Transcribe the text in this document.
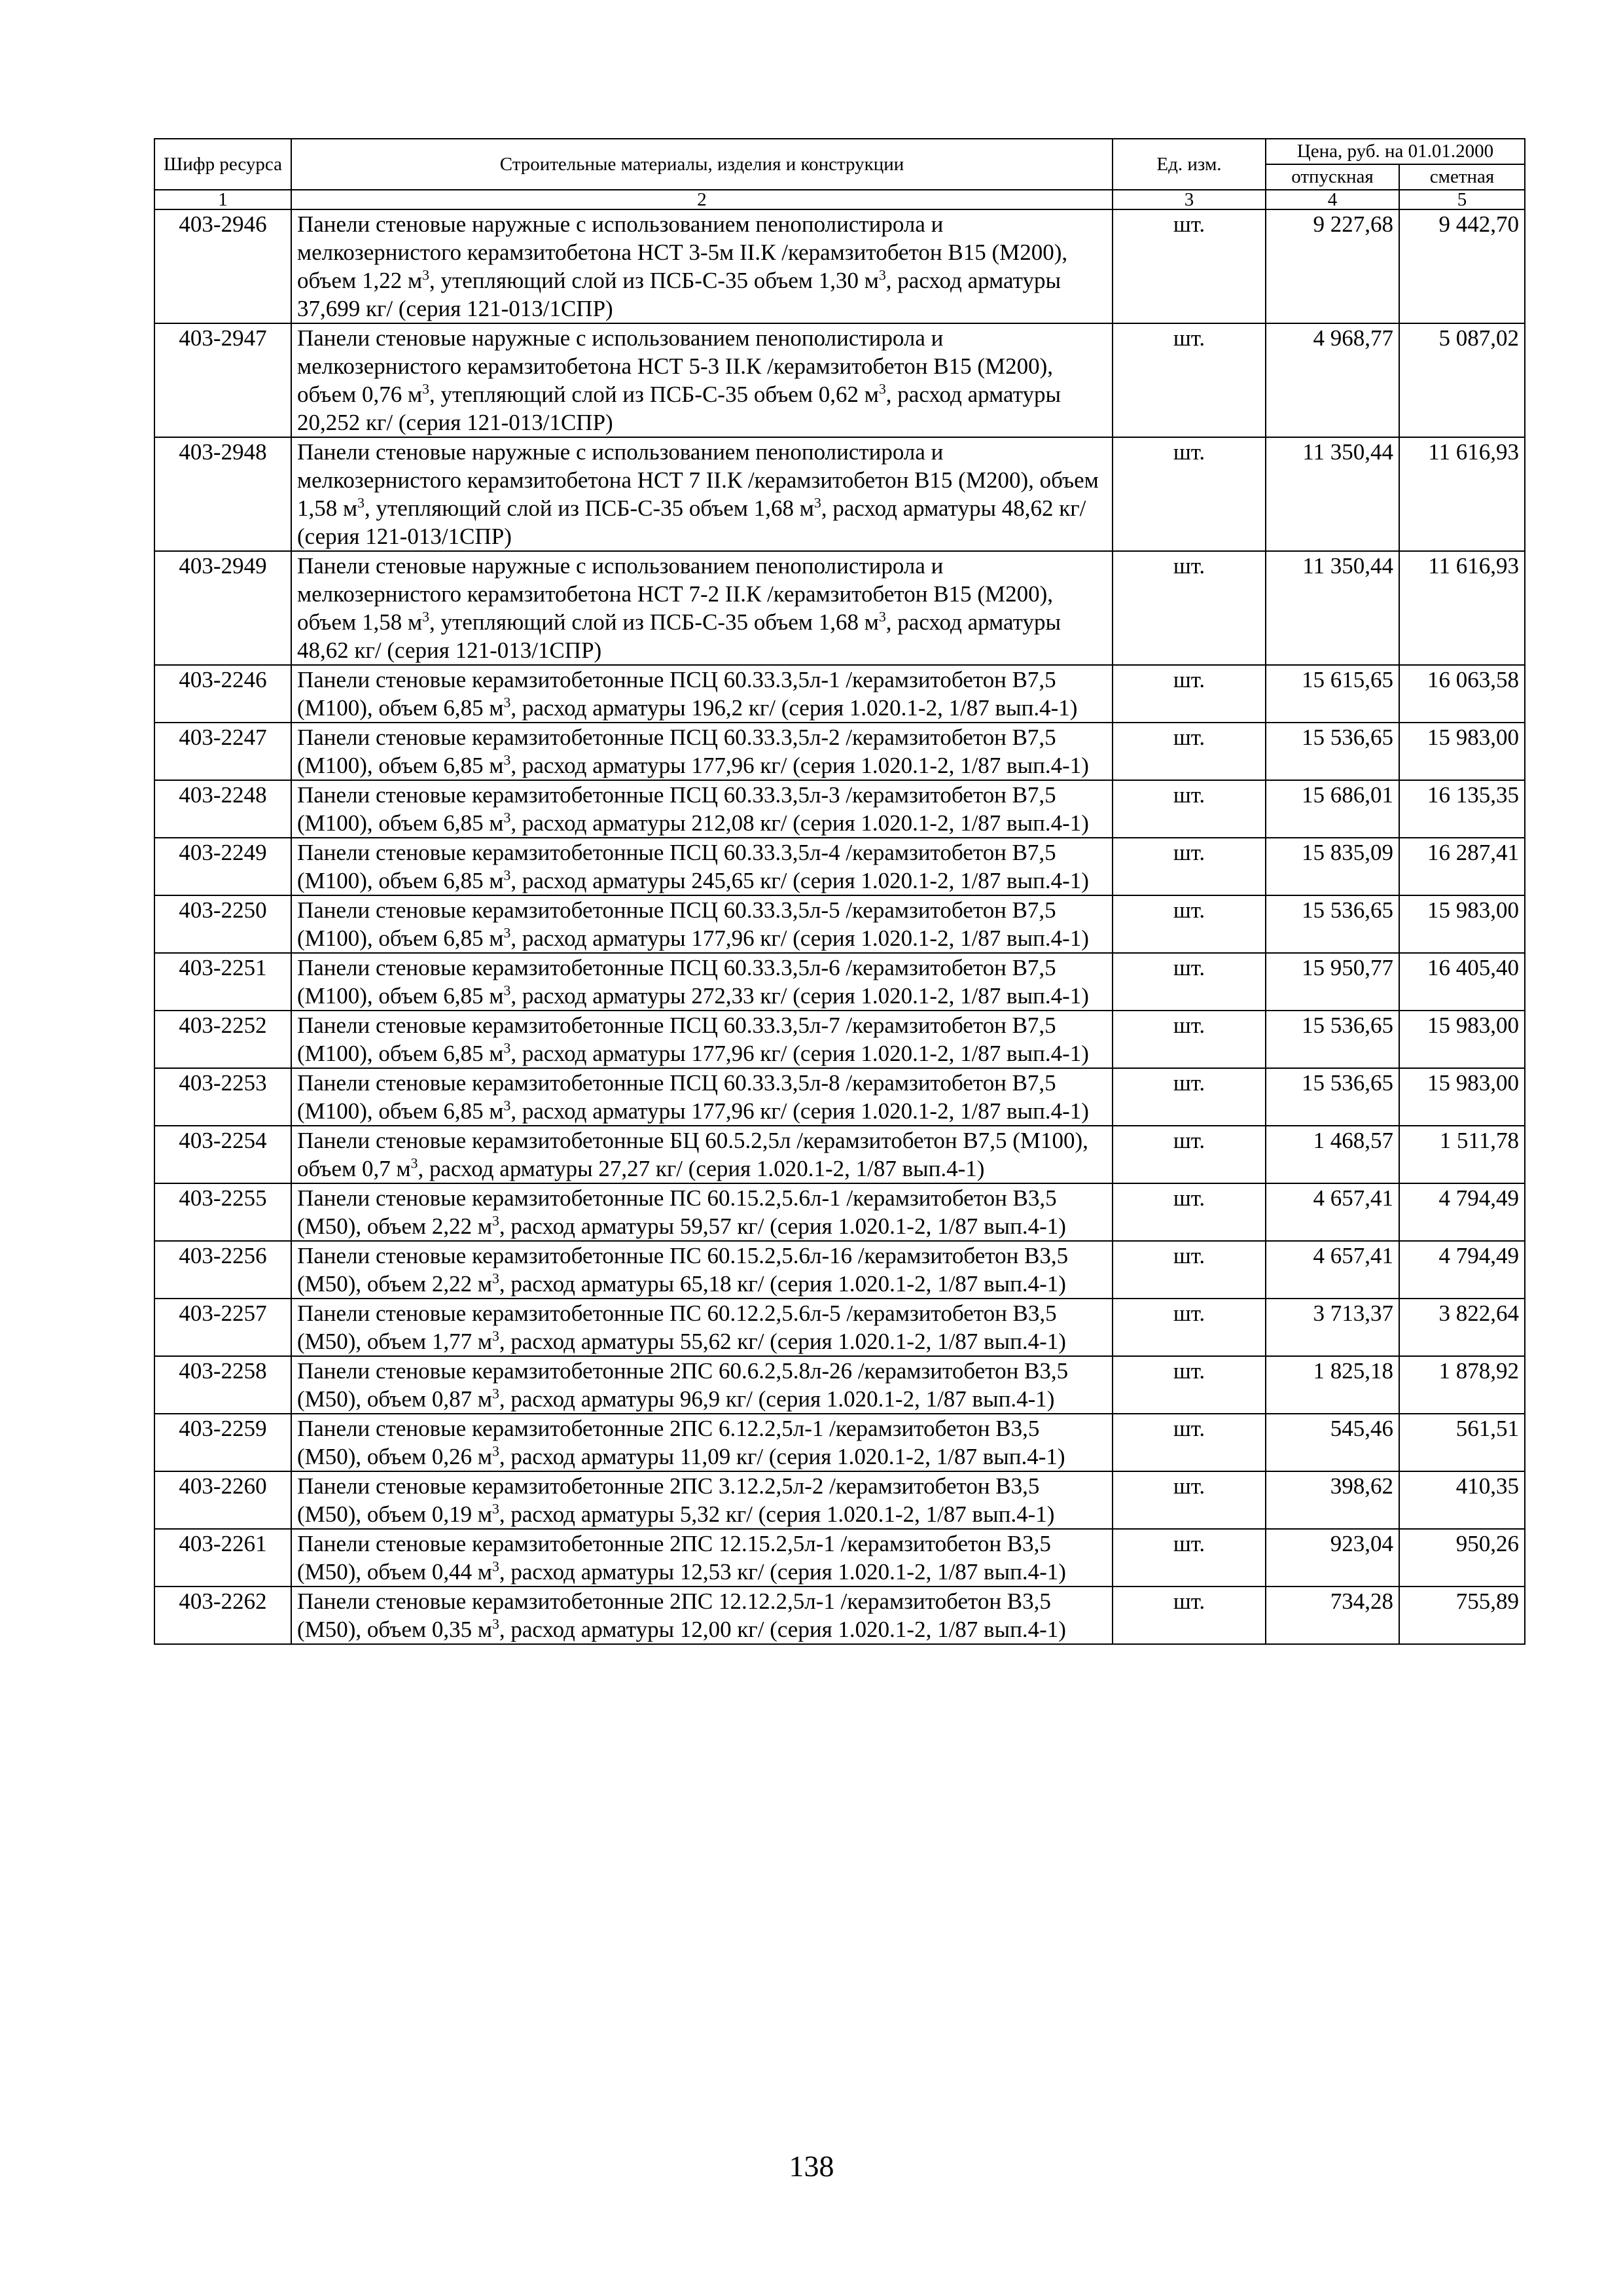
Шифр ресурса	Строительные материалы, изделия и конструкции	Ед. изм.	Цена, руб. на 01.01.2000	
			отпускная	сметная
1	2	3	4	5
403-2946	Панели стеновые наружные с использованием пенополистирола и мелкозернистого керамзитобетона НСТ 3-5м II.К /керамзитобетон В15 (М200), объем 1,22 $м^3$, утепляющий слой из ПСБ-С-35 объем 1,30 $м^3$, расход арматуры 37,699 кг/ (серия 121-013/1СПР)	шт.	9 227,68	9 442,70
403-2947	Панели стеновые наружные с использованием пенополистирола и мелкозернистого керамзитобетона НСТ 5-3 II.К /керамзитобетон В15 (М200), объем 0,76 $м^3$, утепляющий слой из ПСБ-С-35 объем 0,62 $м^3$, расход арматуры 20,252 кг/ (серия 121-013/1СПР)	шт.	4 968,77	5 087,02
403-2948	Панели стеновые наружные с использованием пенополистирола и мелкозернистого керамзитобетона НСТ 7 II.К /керамзитобетон В15 (М200), объем 1,58 $м^3$, утепляющий слой из ПСБ-С-35 объем 1,68 $м^3$, расход арматуры 48,62 кг/ (серия 121-013/1СПР)	шт.	11 350,44	11 616,93
403-2949	Панели стеновые наружные с использованием пенополистирола и мелкозернистого керамзитобетона НСТ 7-2 II.К /керамзитобетон В15 (М200), объем 1,58 $м^3$, утепляющий слой из ПСБ-С-35 объем 1,68 $м^3$, расход арматуры 48,62 кг/ (серия 121-013/1СПР)	шт.	11 350,44	11 616,93
403-2246	Панели стеновые керамзитобетонные ПСЦ 60.33.3,5л-1 /керамзитобетон В7,5 (М100), объем 6,85 $м^3$, расход арматуры 196,2 кг/ (серия 1.020.1-2, 1/87 вып.4-1)	шт.	15 615,65	16 063,58
403-2247	Панели стеновые керамзитобетонные ПСЦ 60.33.3,5л-2 /керамзитобетон В7,5 (М100), объем 6,85 $м^3$, расход арматуры 177,96 кг/ (серия 1.020.1-2, 1/87 вып.4-1)	шт.	15 536,65	15 983,00
403-2248	Панели стеновые керамзитобетонные ПСЦ 60.33.3,5л-3 /керамзитобетон В7,5 (М100), объем 6,85 $м^3$, расход арматуры 212,08 кг/ (серия 1.020.1-2, 1/87 вып.4-1)	шт.	15 686,01	16 135,35
403-2249	Панели стеновые керамзитобетонные ПСЦ 60.33.3,5л-4 /керамзитобетон В7,5 (М100), объем 6,85 $м^3$, расход арматуры 245,65 кг/ (серия 1.020.1-2, 1/87 вып.4-1)	шт.	15 835,09	16 287,41
403-2250	Панели стеновые керамзитобетонные ПСЦ 60.33.3,5л-5 /керамзитобетон В7,5 (М100), объем 6,85 $м^3$, расход арматуры 177,96 кг/ (серия 1.020.1-2, 1/87 вып.4-1)	шт.	15 536,65	15 983,00
403-2251	Панели стеновые керамзитобетонные ПСЦ 60.33.3,5л-6 /керамзитобетон В7,5 (М100), объем 6,85 $м^3$, расход арматуры 272,33 кг/ (серия 1.020.1-2, 1/87 вып.4-1)	шт.	15 950,77	16 405,40
403-2252	Панели стеновые керамзитобетонные ПСЦ 60.33.3,5л-7 /керамзитобетон В7,5 (М100), объем 6,85 $м^3$, расход арматуры 177,96 кг/ (серия 1.020.1-2, 1/87 вып.4-1)	шт.	15 536,65	15 983,00
403-2253	Панели стеновые керамзитобетонные ПСЦ 60.33.3,5л-8 /керамзитобетон В7,5 (М100), объем 6,85 $м^3$, расход арматуры 177,96 кг/ (серия 1.020.1-2, 1/87 вып.4-1)	шт.	15 536,65	15 983,00
403-2254	Панели стеновые керамзитобетонные БЦ 60.5.2,5л /керамзитобетон В7,5 (М100), объем 0,7 $м^3$, расход арматуры 27,27 кг/ (серия 1.020.1-2, 1/87 вып.4-1)	шт.	1 468,57	1 511,78
403-2255	Панели стеновые керамзитобетонные ПС 60.15.2,5.6л-1 /керамзитобетон В3,5 (М50), объем 2,22 $м^3$, расход арматуры 59,57 кг/ (серия 1.020.1-2, 1/87 вып.4-1)	шт.	4 657,41	4 794,49
403-2256	Панели стеновые керамзитобетонные ПС 60.15.2,5.6л-16 /керамзитобетон В3,5 (М50), объем 2,22 $м^3$, расход арматуры 65,18 кг/ (серия 1.020.1-2, 1/87 вып.4-1)	шт.	4 657,41	4 794,49
403-2257	Панели стеновые керамзитобетонные ПС 60.12.2,5.6л-5 /керамзитобетон В3,5 (М50), объем 1,77 $м^3$, расход арматуры 55,62 кг/ (серия 1.020.1-2, 1/87 вып.4-1)	шт.	3 713,37	3 822,64
403-2258	Панели стеновые керамзитобетонные 2ПС 60.6.2,5.8л-26 /керамзитобетон В3,5 (М50), объем 0,87 $м^3$, расход арматуры 96,9 кг/ (серия 1.020.1-2, 1/87 вып.4-1)	шт.	1 825,18	1 878,92
403-2259	Панели стеновые керамзитобетонные 2ПС 6.12.2,5л-1 /керамзитобетон В3,5 (М50), объем 0,26 $м^3$, расход арматуры 11,09 кг/ (серия 1.020.1-2, 1/87 вып.4-1)	шт.	545,46	561,51
403-2260	Панели стеновые керамзитобетонные 2ПС 3.12.2,5л-2 /керамзитобетон В3,5 (М50), объем 0,19 $м^3$, расход арматуры 5,32 кг/ (серия 1.020.1-2, 1/87 вып.4-1)	шт.	398,62	410,35
403-2261	Панели стеновые керамзитобетонные 2ПС 12.15.2,5л-1 /керамзитобетон В3,5 (М50), объем 0,44 $м^3$, расход арматуры 12,53 кг/ (серия 1.020.1-2, 1/87 вып.4-1)	шт.	923,04	950,26
403-2262	Панели стеновые керамзитобетонные 2ПС 12.12.2,5л-1 /керамзитобетон В3,5 (М50), объем 0,35 $м^3$, расход арматуры 12,00 кг/ (серия 1.020.1-2, 1/87 вып.4-1)	шт.	734,28	755,89
138
